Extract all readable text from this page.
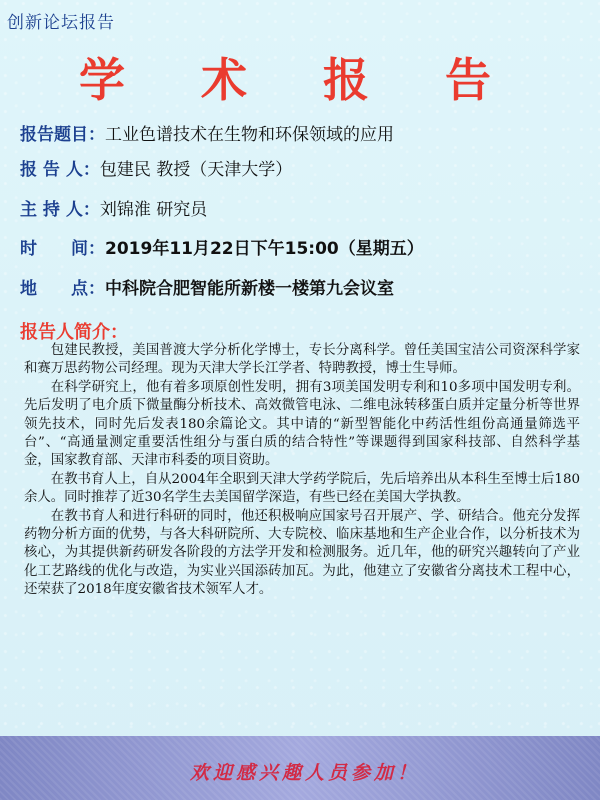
创新论坛报告
学 术 报 告
报告题目：工业色谱技术在生物和环保领域的应用
报 告 人：包建民 教授（天津大学）
主 持 人：刘锦淮 研究员
时　　间：2019年11月22日下午15:00（星期五）
地　　点：中科院合肥智能所新楼一楼第九会议室
报告人简介：

包建民教授，美国普渡大学分析化学博士，专长分离科学。曾任美国宝洁公司资深科学家和赛万思药物公司经理。现为天津大学长江学者、特聘教授，博士生导师。

在科学研究上，他有着多项原创性发明，拥有3项美国发明专利和10多项中国发明专利。先后发明了电介质下微量酶分析技术、高效微管电泳、二维电泳转移蛋白质并定量分析等世界领先技术，同时先后发表180余篇论文。其中请的“新型智能化中药活性组份高通量筛选平台”、“高通量测定重要活性组分与蛋白质的结合特性”等课题得到国家科技部、自然科学基金，国家教育部、天津市科委的项目资助。

在教书育人上，自从2004年全职到天津大学药学院后，先后培养出从本科生至博士后180余人。同时推荐了近30名学生去美国留学深造，有些已经在美国大学执教。

在教书育人和进行科研的同时，他还积极响应国家号召开展产、学、研结合。他充分发挥药物分析方面的优势，与各大科研院所、大专院校、临床基地和生产企业合作，以分析技术为核心，为其提供新药研发各阶段的方法学开发和检测服务。近几年，他的研究兴趣转向了产业化工艺路线的优化与改造，为实业兴国添砖加瓦。为此，他建立了安徽省分离技术工程中心，还荣获了2018年度安徽省技术领军人才。

欢迎感兴趣人员参加！
